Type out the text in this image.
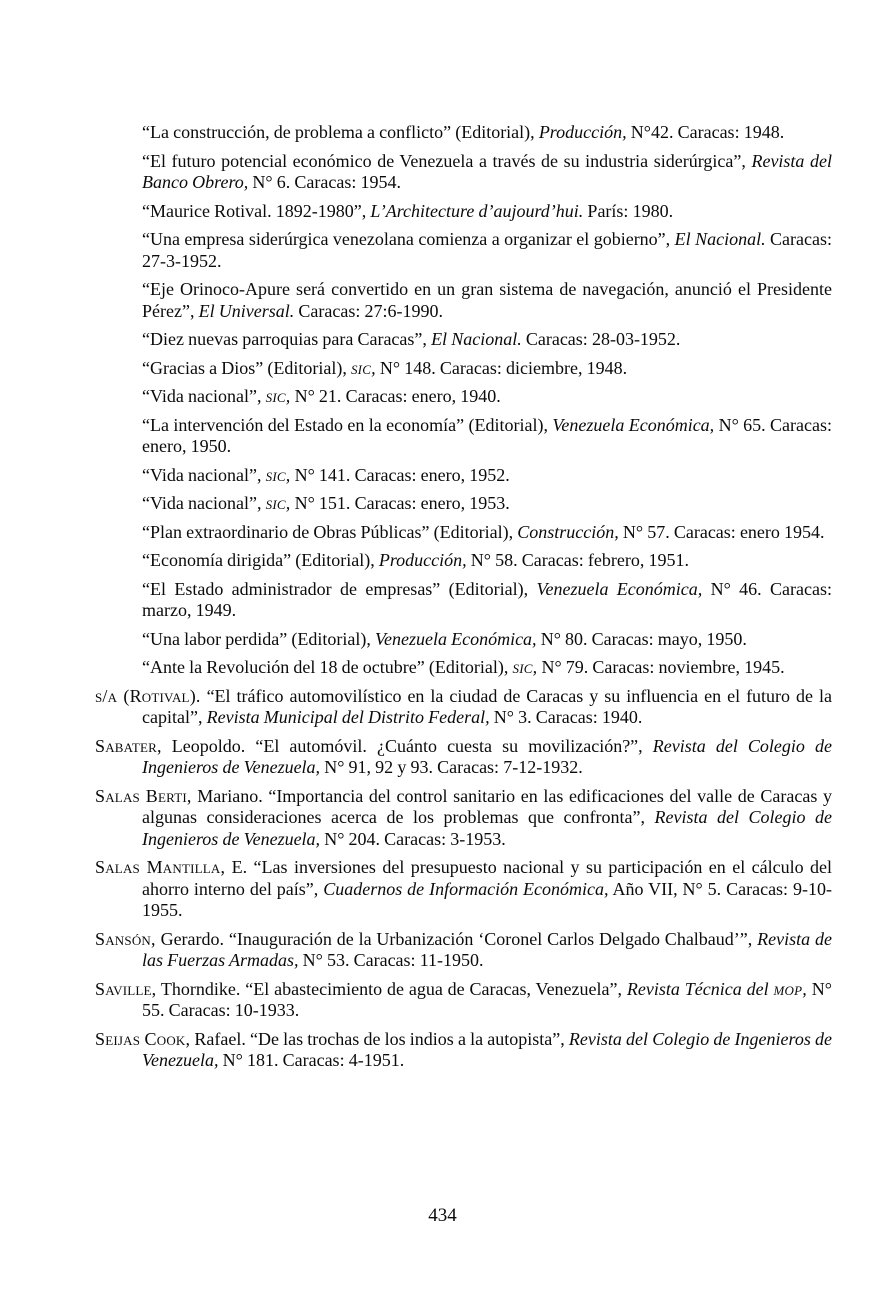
“La construcción, de problema a conflicto” (Editorial), Producción, N°42. Caracas: 1948.

“El futuro potencial económico de Venezuela a través de su industria siderúrgica”, Revista del Banco Obrero, N° 6. Caracas: 1954.

“Maurice Rotival. 1892-1980”, L’Architecture d’aujourd’hui. París: 1980.

“Una empresa siderúrgica venezolana comienza a organizar el gobierno”, El Nacional. Caracas: 27-3-1952.

“Eje Orinoco-Apure será convertido en un gran sistema de navegación, anunció el Presidente Pérez”, El Universal. Caracas: 27:6-1990.

“Diez nuevas parroquias para Caracas”, El Nacional. Caracas: 28-03-1952.

“Gracias a Dios” (Editorial), sic, N° 148. Caracas: diciembre, 1948.

“Vida nacional”, sic, N° 21. Caracas: enero, 1940.

“La intervención del Estado en la economía” (Editorial), Venezuela Económica, N° 65. Caracas: enero, 1950.

“Vida nacional”, sic, N° 141. Caracas: enero, 1952.

“Vida nacional”, sic, N° 151. Caracas: enero, 1953.

“Plan extraordinario de Obras Públicas” (Editorial), Construcción, N° 57. Caracas: enero 1954.

“Economía dirigida” (Editorial), Producción, N° 58. Caracas: febrero, 1951.

“El Estado administrador de empresas” (Editorial), Venezuela Económica, N° 46. Caracas: marzo, 1949.

“Una labor perdida” (Editorial), Venezuela Económica, N° 80. Caracas: mayo, 1950.

“Ante la Revolución del 18 de octubre” (Editorial), sic, N° 79. Caracas: noviembre, 1945.

s/a (Rotival). “El tráfico automovilístico en la ciudad de Caracas y su influencia en el futuro de la capital”, Revista Municipal del Distrito Federal, N° 3. Caracas: 1940.

Sabater, Leopoldo. “El automóvil. ¿Cuánto cuesta su movilización?”, Revista del Colegio de Ingenieros de Venezuela, N° 91, 92 y 93. Caracas: 7-12-1932.

Salas Berti, Mariano. “Importancia del control sanitario en las edificaciones del valle de Caracas y algunas consideraciones acerca de los problemas que confronta”, Revista del Colegio de Ingenieros de Venezuela, N° 204. Caracas: 3-1953.

Salas Mantilla, E. “Las inversiones del presupuesto nacional y su participación en el cálculo del ahorro interno del país”, Cuadernos de Información Económica, Año VII, N° 5. Caracas: 9-10-1955.

Sansón, Gerardo. “Inauguración de la Urbanización ‘Coronel Carlos Delgado Chalbaud’”, Revista de las Fuerzas Armadas, N° 53. Caracas: 11-1950.

Saville, Thorndike. “El abastecimiento de agua de Caracas, Venezuela”, Revista Técnica del mop, N° 55. Caracas: 10-1933.

Seijas Cook, Rafael. “De las trochas de los indios a la autopista”, Revista del Colegio de Ingenieros de Venezuela, N° 181. Caracas: 4-1951.

434
